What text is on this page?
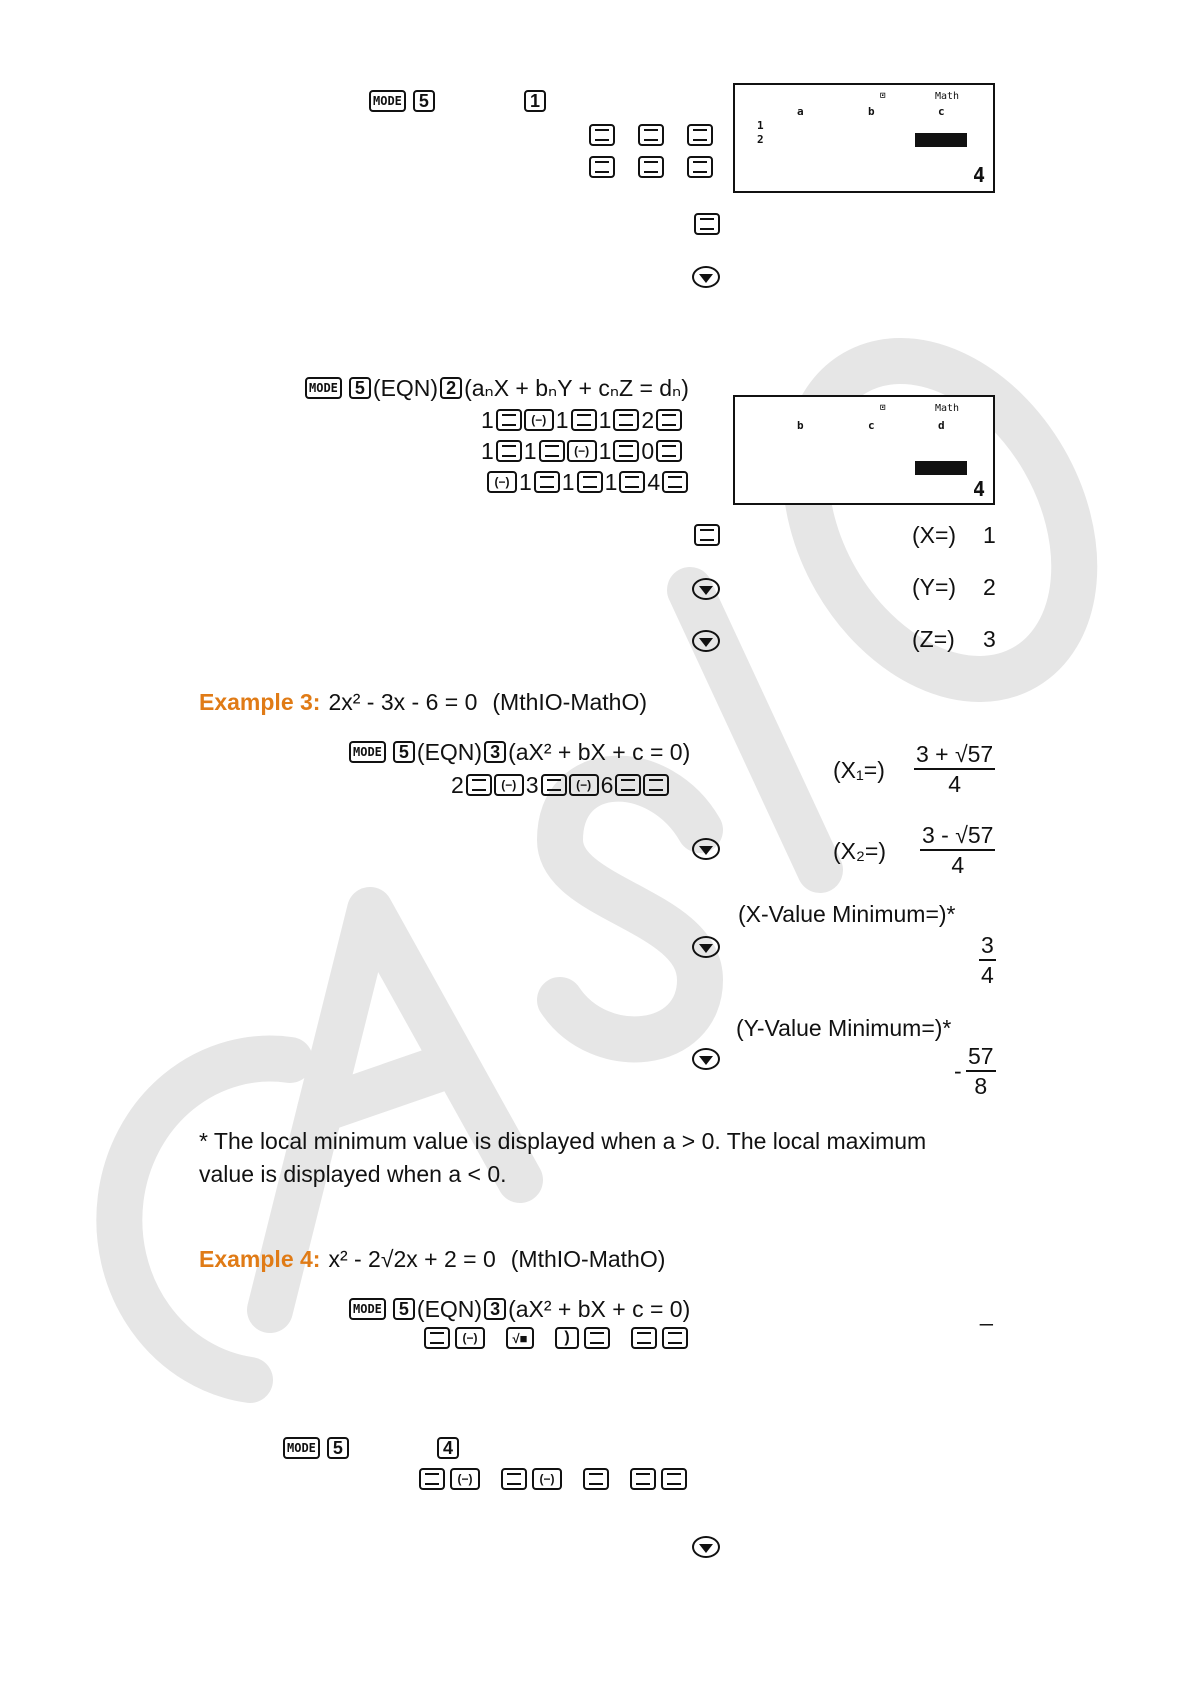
MODE 5	1
a	b
⊡	Math
c
1
2
4
MODE 5 (EQN) 2 (aₙX + bₙY + cₙZ = dₙ)
1	(−) 1 1 2
1 1	(−) 1 0
(−) 1 1 1 4
b	c
⊡	Math
d
4
(X=) 1
(Y=) 2
(Z=) 3
Example 3: 2x² - 3x - 6 = 0 (MthIO-MathO)
MODE 5 (EQN) 3 (aX² + bX + c = 0)
2	(−) 3	(−) 6
$(X_1=) \frac{3 + √57}{4}$
$(X_2=) \frac{3 - √57}{4}$
(X-Value Minimum=)*
$\frac{3}{4}$
(Y-Value Minimum=)*
- $\frac{57}{8}$
* The local minimum value is displayed when a > 0. The local maximum
value is displayed when a < 0.
Example 4: x² - 2√2x + 2 = 0 (MthIO-MathO)
MODE 5 (EQN) 3 (aX² + bX + c = 0)	_
(−)	√■	)
MODE 5	4
(−)	(−)
